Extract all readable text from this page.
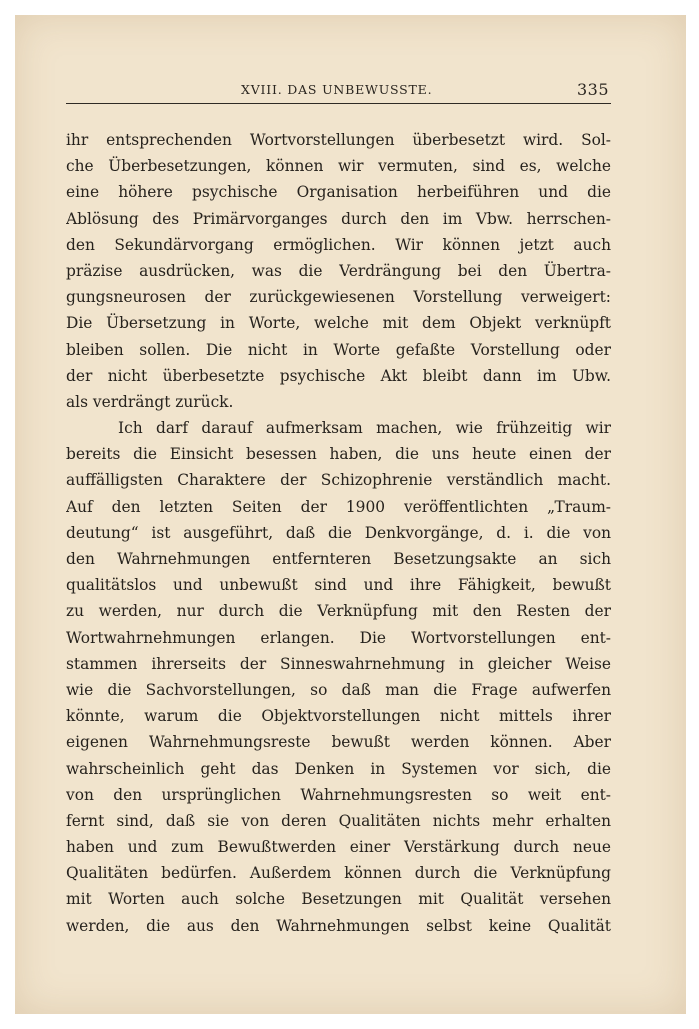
XVIII. DAS UNBEWUSSTE.	335
ihr entsprechenden Wortvorstellungen überbesetzt wird. Sol-
che Überbesetzungen, können wir vermuten, sind es, welche
eine höhere psychische Organisation herbeiführen und die
Ablösung des Primärvorganges durch den im Vbw. herrschen-
den Sekundärvorgang ermöglichen. Wir können jetzt auch
präzise ausdrücken, was die Verdrängung bei den Übertra-
gungsneurosen der zurückgewiesenen Vorstellung verweigert:
Die Übersetzung in Worte, welche mit dem Objekt verknüpft
bleiben sollen. Die nicht in Worte gefaßte Vorstellung oder
der nicht überbesetzte psychische Akt bleibt dann im Ubw.
als verdrängt zurück.
Ich darf darauf aufmerksam machen, wie frühzeitig wir
bereits die Einsicht besessen haben, die uns heute einen der
auffälligsten Charaktere der Schizophrenie verständlich macht.
Auf den letzten Seiten der 1900 veröffentlichten „Traum-
deutung“ ist ausgeführt, daß die Denkvorgänge, d. i. die von
den Wahrnehmungen entfernteren Besetzungsakte an sich
qualitätslos und unbewußt sind und ihre Fähigkeit, bewußt
zu werden, nur durch die Verknüpfung mit den Resten der
Wortwahrnehmungen erlangen. Die Wortvorstellungen ent-
stammen ihrerseits der Sinneswahrnehmung in gleicher Weise
wie die Sachvorstellungen, so daß man die Frage aufwerfen
könnte, warum die Objektvorstellungen nicht mittels ihrer
eigenen Wahrnehmungsreste bewußt werden können. Aber
wahrscheinlich geht das Denken in Systemen vor sich, die
von den ursprünglichen Wahrnehmungsresten so weit ent-
fernt sind, daß sie von deren Qualitäten nichts mehr erhalten
haben und zum Bewußtwerden einer Verstärkung durch neue
Qualitäten bedürfen. Außerdem können durch die Verknüpfung
mit Worten auch solche Besetzungen mit Qualität versehen
werden, die aus den Wahrnehmungen selbst keine Qualität
